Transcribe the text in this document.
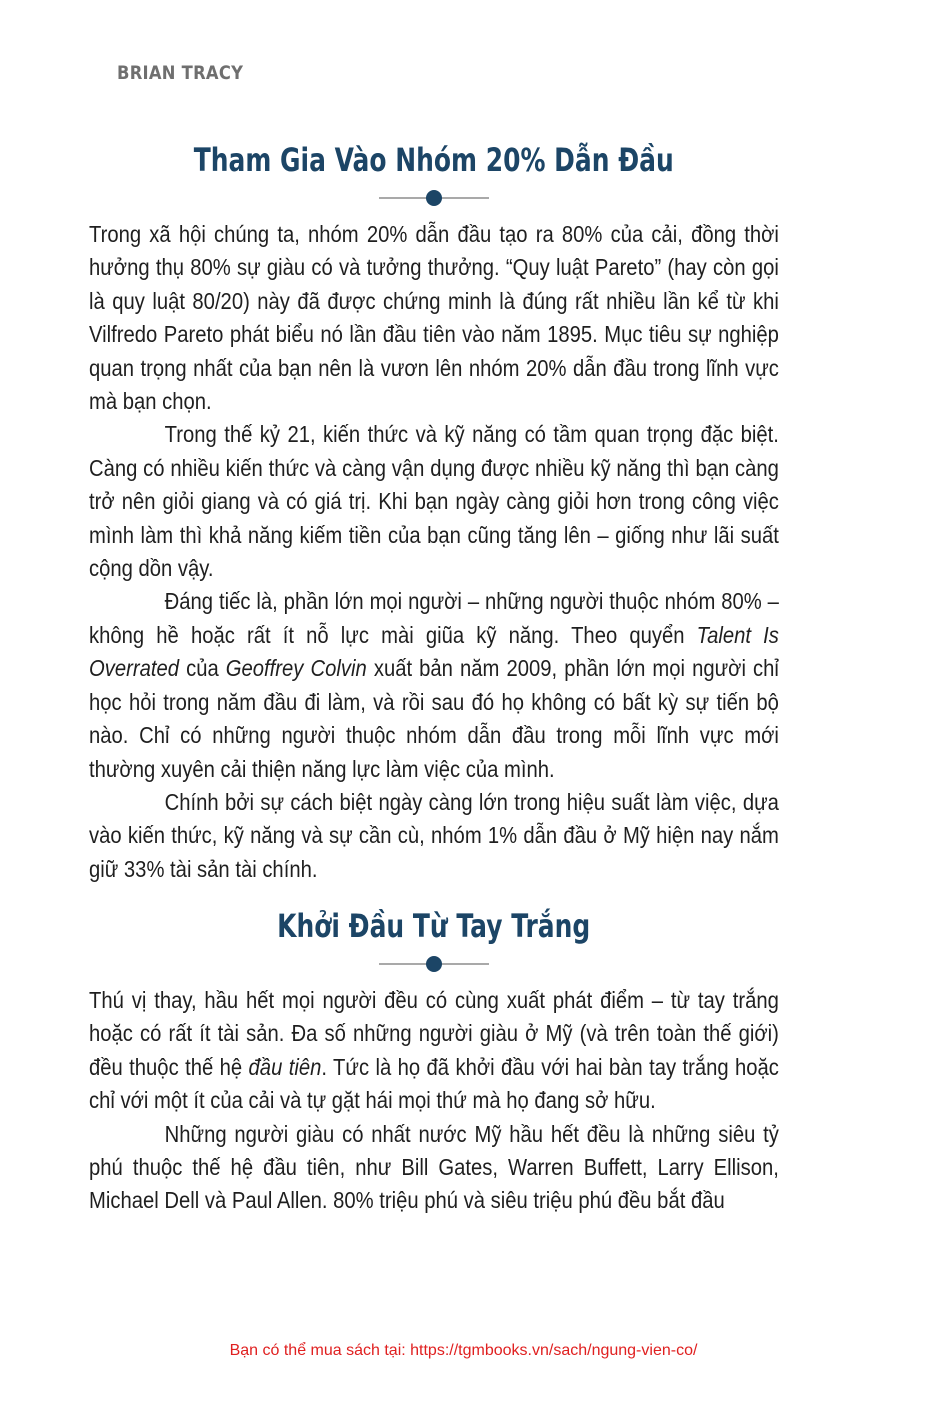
BRIAN TRACY
Tham Gia Vào Nhóm 20% Dẫn Đầu

Trong xã hội chúng ta, nhóm 20% dẫn đầu tạo ra 80% của cải, đồng thời hưởng thụ 80% sự giàu có và tưởng thưởng. “Quy luật Pareto” (hay còn gọi là quy luật 80/20) này đã được chứng minh là đúng rất nhiều lần kể từ khi Vilfredo Pareto phát biểu nó lần đầu tiên vào năm 1895. Mục tiêu sự nghiệp quan trọng nhất của bạn nên là vươn lên nhóm 20% dẫn đầu trong lĩnh vực mà bạn chọn.

Trong thế kỷ 21, kiến thức và kỹ năng có tầm quan trọng đặc biệt. Càng có nhiều kiến thức và càng vận dụng được nhiều kỹ năng thì bạn càng trở nên giỏi giang và có giá trị. Khi bạn ngày càng giỏi hơn trong công việc mình làm thì khả năng kiếm tiền của bạn cũng tăng lên – giống như lãi suất cộng dồn vậy.

Đáng tiếc là, phần lớn mọi người – những người thuộc nhóm 80% – không hề hoặc rất ít nỗ lực mài giũa kỹ năng. Theo quyển Talent Is Overrated của Geoffrey Colvin xuất bản năm 2009, phần lớn mọi người chỉ học hỏi trong năm đầu đi làm, và rồi sau đó họ không có bất kỳ sự tiến bộ nào. Chỉ có những người thuộc nhóm dẫn đầu trong mỗi lĩnh vực mới thường xuyên cải thiện năng lực làm việc của mình.

Chính bởi sự cách biệt ngày càng lớn trong hiệu suất làm việc, dựa vào kiến thức, kỹ năng và sự cần cù, nhóm 1% dẫn đầu ở Mỹ hiện nay nắm giữ 33% tài sản tài chính.

Khởi Đầu Từ Tay Trắng

Thú vị thay, hầu hết mọi người đều có cùng xuất phát điểm – từ tay trắng hoặc có rất ít tài sản. Đa số những người giàu ở Mỹ (và trên toàn thế giới) đều thuộc thế hệ đầu tiên. Tức là họ đã khởi đầu với hai bàn tay trắng hoặc chỉ với một ít của cải và tự gặt hái mọi thứ mà họ đang sở hữu.

Những người giàu có nhất nước Mỹ hầu hết đều là những siêu tỷ phú thuộc thế hệ đầu tiên, như Bill Gates, Warren Buffett, Larry Ellison, Michael Dell và Paul Allen. 80% triệu phú và siêu triệu phú đều bắt đầu

Bạn có thể mua sách tại: https://tgmbooks.vn/sach/ngung-vien-co/
